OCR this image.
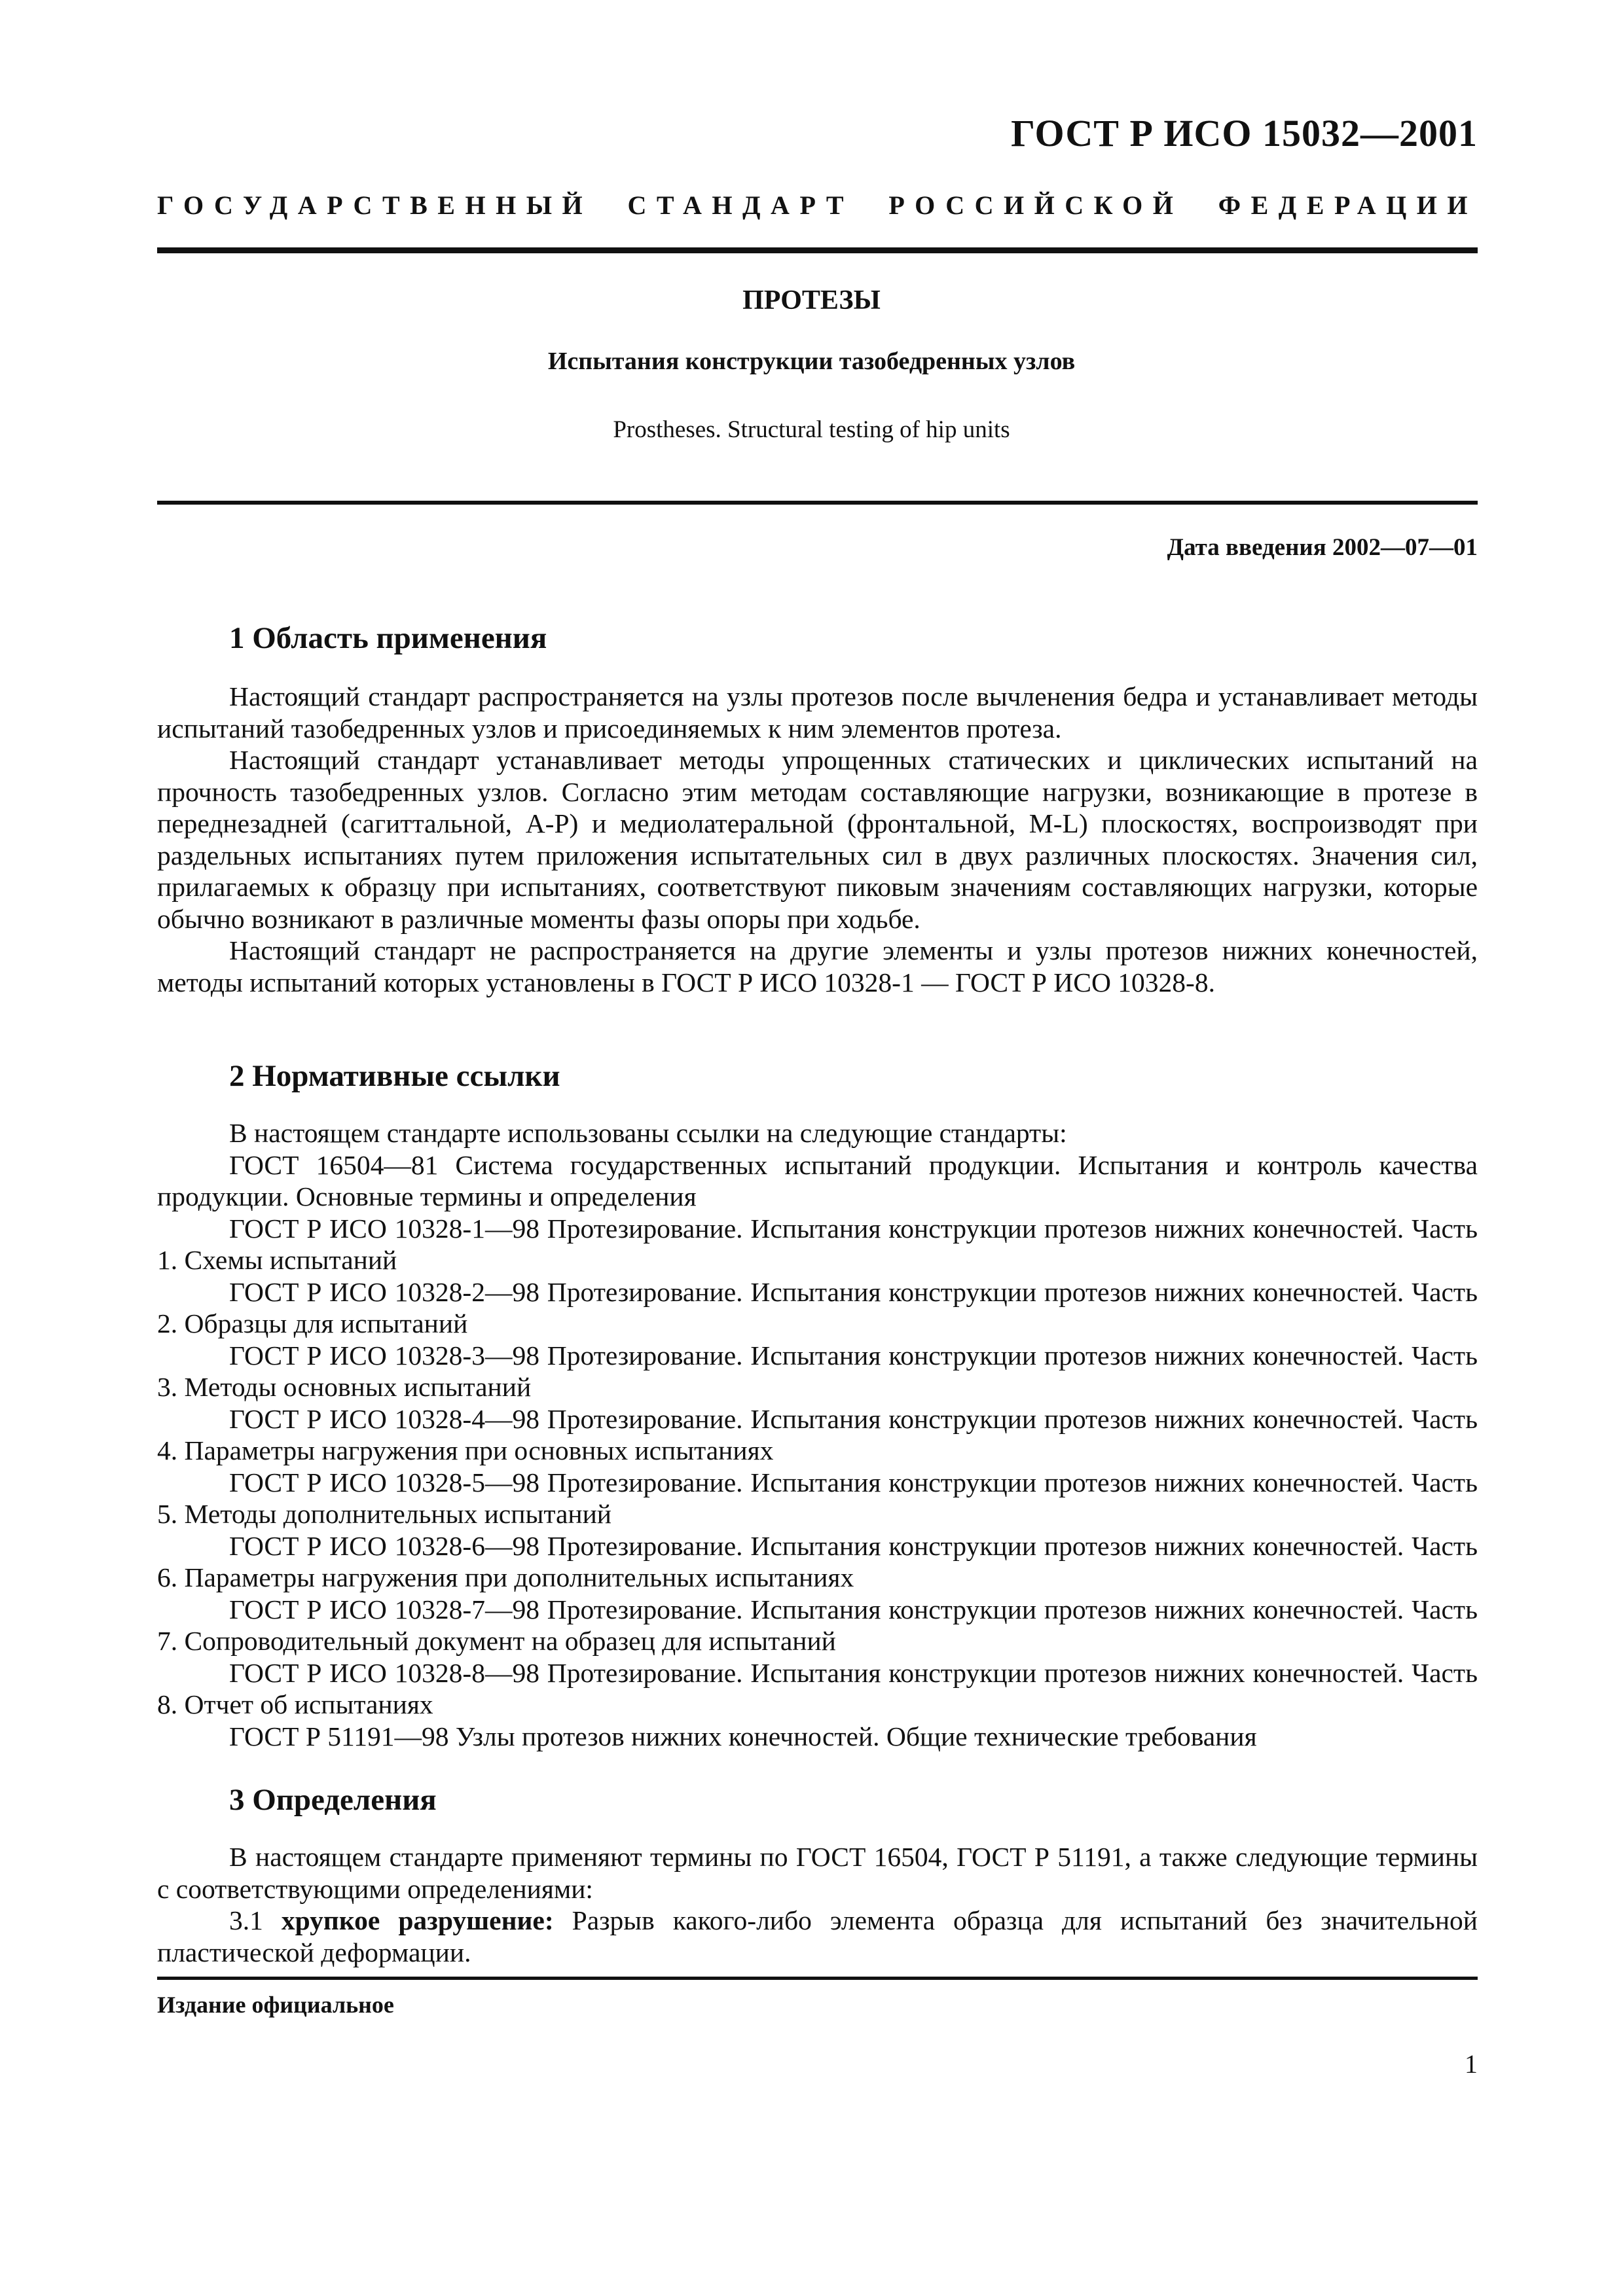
ГОСТ Р ИСО 15032—2001
ГОСУДАРСТВЕННЫЙ СТАНДАРТ РОССИЙСКОЙ ФЕДЕРАЦИИ
ПРОТЕЗЫ
Испытания конструкции тазобедренных узлов
Prostheses. Structural testing of hip units
Дата введения 2002—07—01
1 Область применения

Настоящий стандарт распространяется на узлы протезов после вычленения бедра и устанавливает методы испытаний тазобедренных узлов и присоединяемых к ним элементов протеза.

Настоящий стандарт устанавливает методы упрощенных статических и циклических испытаний на прочность тазобедренных узлов. Согласно этим методам составляющие нагрузки, возникающие в протезе в переднезадней (сагиттальной, A-P) и медиолатеральной (фронтальной, M-L) плоскостях, воспроизводят при раздельных испытаниях путем приложения испытательных сил в двух различных плоскостях. Значения сил, прилагаемых к образцу при испытаниях, соответствуют пиковым значениям составляющих нагрузки, которые обычно возникают в различные моменты фазы опоры при ходьбе.

Настоящий стандарт не распространяется на другие элементы и узлы протезов нижних конечностей, методы испытаний которых установлены в ГОСТ Р ИСО 10328-1 — ГОСТ Р ИСО 10328-8.

2 Нормативные ссылки

В настоящем стандарте использованы ссылки на следующие стандарты:

ГОСТ 16504—81 Система государственных испытаний продукции. Испытания и контроль качества продукции. Основные термины и определения

ГОСТ Р ИСО 10328-1—98 Протезирование. Испытания конструкции протезов нижних конечностей. Часть 1. Схемы испытаний

ГОСТ Р ИСО 10328-2—98 Протезирование. Испытания конструкции протезов нижних конечностей. Часть 2. Образцы для испытаний

ГОСТ Р ИСО 10328-3—98 Протезирование. Испытания конструкции протезов нижних конечностей. Часть 3. Методы основных испытаний

ГОСТ Р ИСО 10328-4—98 Протезирование. Испытания конструкции протезов нижних конечностей. Часть 4. Параметры нагружения при основных испытаниях

ГОСТ Р ИСО 10328-5—98 Протезирование. Испытания конструкции протезов нижних конечностей. Часть 5. Методы дополнительных испытаний

ГОСТ Р ИСО 10328-6—98 Протезирование. Испытания конструкции протезов нижних конечностей. Часть 6. Параметры нагружения при дополнительных испытаниях

ГОСТ Р ИСО 10328-7—98 Протезирование. Испытания конструкции протезов нижних конечностей. Часть 7. Сопроводительный документ на образец для испытаний

ГОСТ Р ИСО 10328-8—98 Протезирование. Испытания конструкции протезов нижних конечностей. Часть 8. Отчет об испытаниях

ГОСТ Р 51191—98 Узлы протезов нижних конечностей. Общие технические требования

3 Определения

В настоящем стандарте применяют термины по ГОСТ 16504, ГОСТ Р 51191, а также следующие термины с соответствующими определениями:

3.1 хрупкое разрушение: Разрыв какого-либо элемента образца для испытаний без значительной пластической деформации.

Издание официальное
1
